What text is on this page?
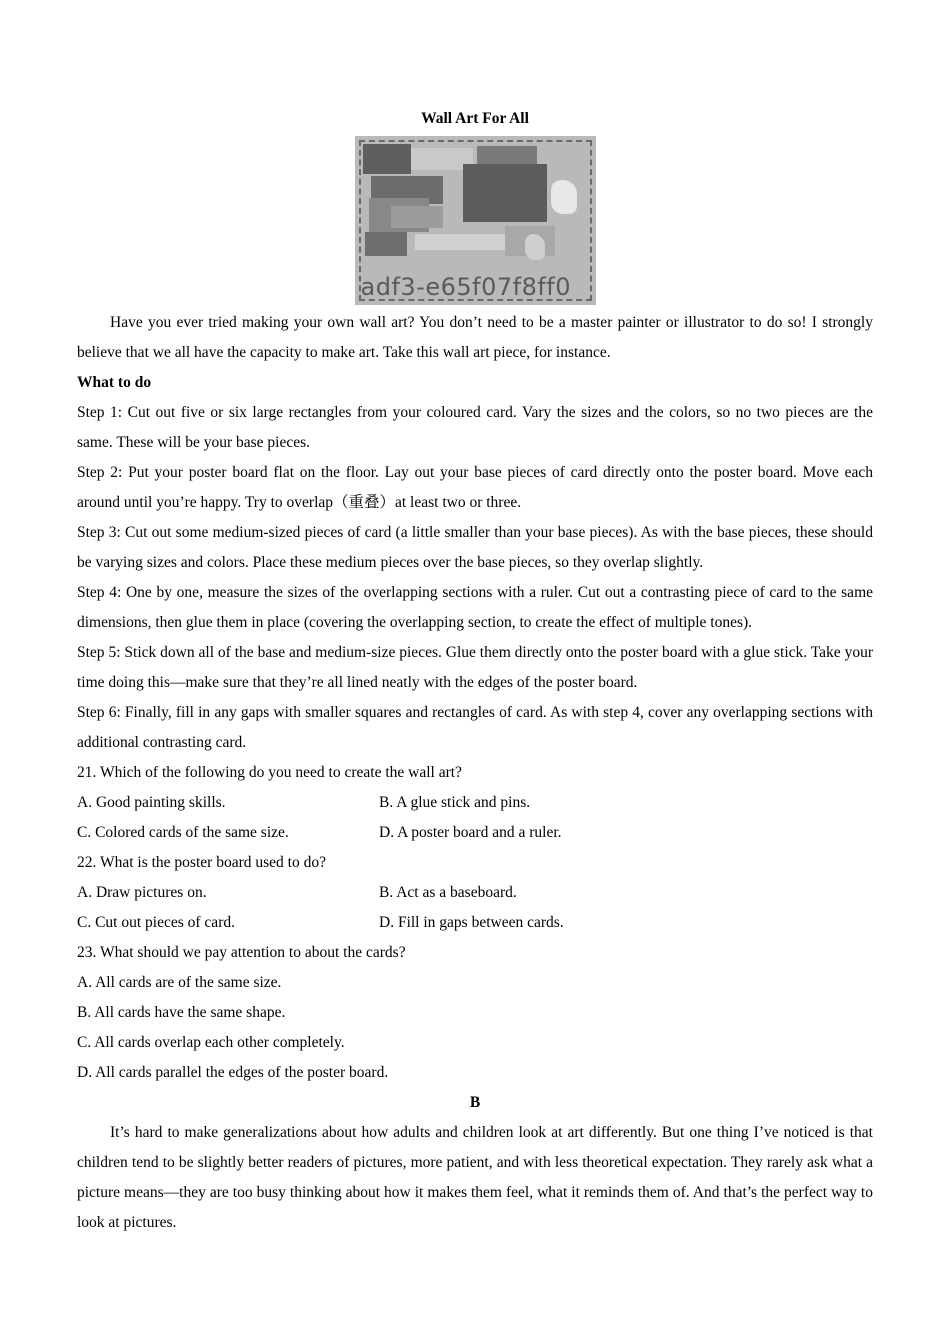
Wall Art For All
adf3-e65f07f8ff0

Have you ever tried making your own wall art? You don’t need to be a master painter or illustrator to do so! I strongly believe that we all have the capacity to make art. Take this wall art piece, for instance.

What to do

Step 1: Cut out five or six large rectangles from your coloured card. Vary the sizes and the colors, so no two pieces are the same. These will be your base pieces.

Step 2: Put your poster board flat on the floor. Lay out your base pieces of card directly onto the poster board. Move each around until you’re happy. Try to overlap（重叠）at least two or three.

Step 3: Cut out some medium-sized pieces of card (a little smaller than your base pieces). As with the base pieces, these should be varying sizes and colors. Place these medium pieces over the base pieces, so they overlap slightly.

Step 4: One by one, measure the sizes of the overlapping sections with a ruler. Cut out a contrasting piece of card to the same dimensions, then glue them in place (covering the overlapping section, to create the effect of multiple tones).

Step 5: Stick down all of the base and medium-size pieces. Glue them directly onto the poster board with a glue stick. Take your time doing this—make sure that they’re all lined neatly with the edges of the poster board.

Step 6: Finally, fill in any gaps with smaller squares and rectangles of card. As with step 4, cover any overlapping sections with additional contrasting card.

21. Which of the following do you need to create the wall art?

A. Good painting skills.	B. A glue stick and pins.
C. Colored cards of the same size.	D. A poster board and a ruler.

22. What is the poster board used to do?

A. Draw pictures on.	B. Act as a baseboard.
C. Cut out pieces of card.	D. Fill in gaps between cards.

23. What should we pay attention to about the cards?

A. All cards are of the same size.

B. All cards have the same shape.

C. All cards overlap each other completely.

D. All cards parallel the edges of the poster board.

B

It’s hard to make generalizations about how adults and children look at art differently. But one thing I’ve noticed is that children tend to be slightly better readers of pictures, more patient, and with less theoretical expectation. They rarely ask what a picture means—they are too busy thinking about how it makes them feel, what it reminds them of. And that’s the perfect way to look at pictures.
